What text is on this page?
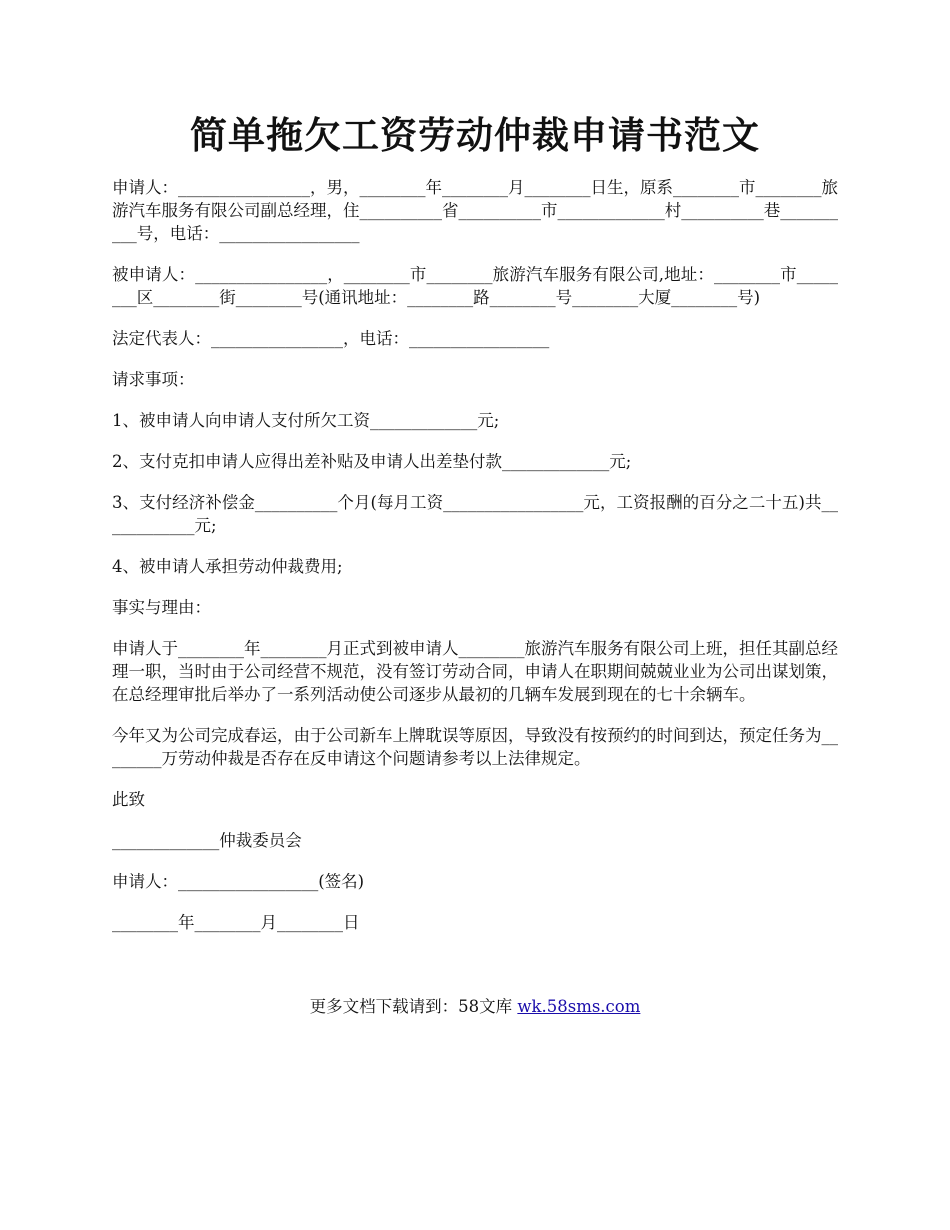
简单拖欠工资劳动仲裁申请书范文

申请人：________________，男，________年________月________日生，原系________市________旅游汽车服务有限公司副总经理，住__________省__________市_____________村__________巷__________号，电话：_________________

被申请人：________________，________市________旅游汽车服务有限公司,地址：________市________区________街________号(通讯地址：________路________号________大厦________号)

法定代表人：________________，电话：_________________

请求事项：

1、被申请人向申请人支付所欠工资_____________元;

2、支付克扣申请人应得出差补贴及申请人出差垫付款_____________元;

3、支付经济补偿金__________个月(每月工资_________________元，工资报酬的百分之二十五)共____________元;

4、被申请人承担劳动仲裁费用;

事实与理由：

申请人于________年________月正式到被申请人________旅游汽车服务有限公司上班，担任其副总经理一职，当时由于公司经营不规范，没有签订劳动合同，申请人在职期间兢兢业业为公司出谋划策，在总经理审批后举办了一系列活动使公司逐步从最初的几辆车发展到现在的七十余辆车。

今年又为公司完成春运，由于公司新车上牌耽误等原因，导致没有按预约的时间到达，预定任务为________万劳动仲裁是否存在反申请这个问题请参考以上法律规定。

此致

_____________仲裁委员会

申请人：_________________(签名)

________年________月________日

更多文档下载请到：58文库 wk.58sms.com
